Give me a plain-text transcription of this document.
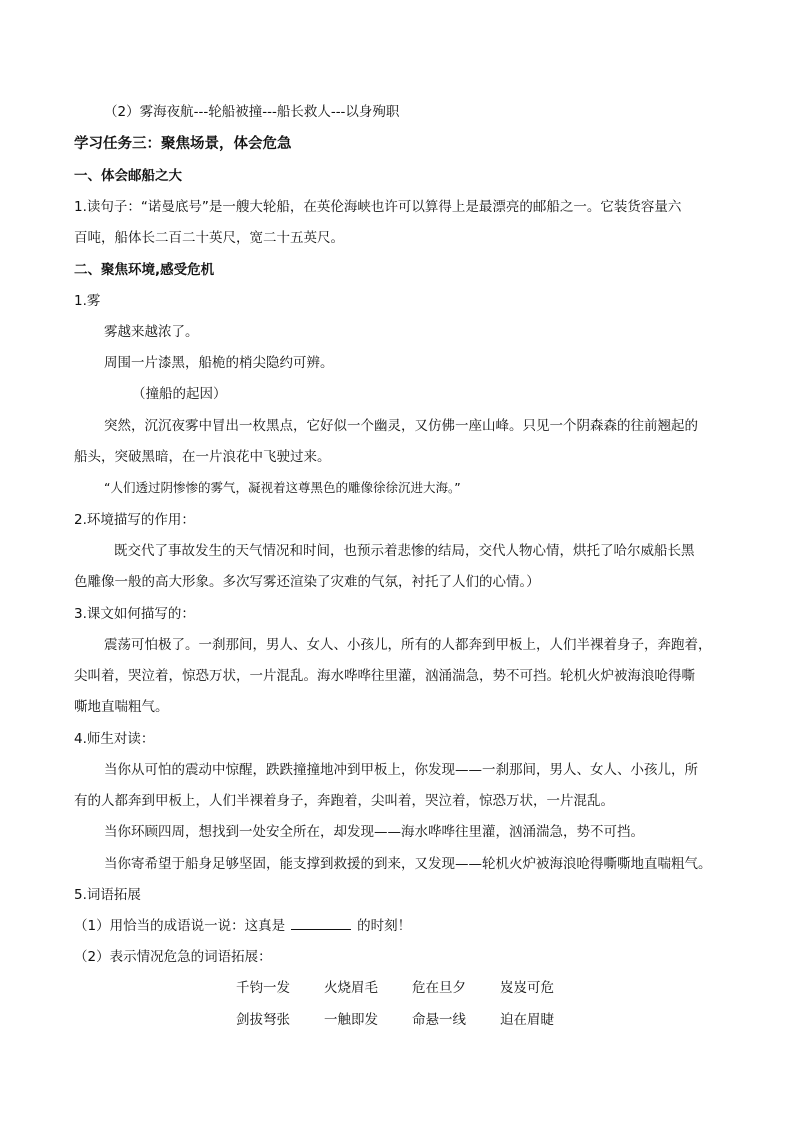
（2）雾海夜航---轮船被撞---船长救人---以身殉职
学习任务三：聚焦场景，体会危急
一、体会邮船之大
1.读句子：“诺曼底号”是一艘大轮船，在英伦海峡也许可以算得上是最漂亮的邮船之一。它装货容量六
百吨，船体长二百二十英尺，宽二十五英尺。
二、聚焦环境,感受危机
1.雾
雾越来越浓了。
周围一片漆黑，船桅的梢尖隐约可辨。
（撞船的起因）
突然，沉沉夜雾中冒出一枚黑点，它好似一个幽灵，又仿佛一座山峰。只见一个阴森森的往前翘起的
船头，突破黑暗，在一片浪花中飞驶过来。
“人们透过阴惨惨的雾气，凝视着这尊黑色的雕像徐徐沉进大海。”
2.环境描写的作用：
既交代了事故发生的天气情况和时间，也预示着悲惨的结局，交代人物心情，烘托了哈尔威船长黑
色雕像一般的高大形象。多次写雾还渲染了灾难的气氛，衬托了人们的心情。）
3.课文如何描写的：
震荡可怕极了。一刹那间，男人、女人、小孩儿，所有的人都奔到甲板上，人们半裸着身子，奔跑着，
尖叫着，哭泣着，惊恐万状，一片混乱。海水哗哗往里灌，汹涌湍急，势不可挡。轮机火炉被海浪呛得嘶
嘶地直喘粗气。
4.师生对读：
当你从可怕的震动中惊醒，跌跌撞撞地冲到甲板上，你发现——一刹那间，男人、女人、小孩儿，所
有的人都奔到甲板上，人们半裸着身子，奔跑着，尖叫着，哭泣着，惊恐万状，一片混乱。
当你环顾四周，想找到一处安全所在，却发现——海水哗哗往里灌，汹涌湍急，势不可挡。
当你寄希望于船身足够坚固，能支撑到救援的到来，又发现——轮机火炉被海浪呛得嘶嘶地直喘粗气。
5.词语拓展
（1）用恰当的成语说一说：这真是	的时刻！
（2）表示情况危急的词语拓展：
千钧一发	火烧眉毛	危在旦夕	岌岌可危
剑拔弩张	一触即发	命悬一线	迫在眉睫
